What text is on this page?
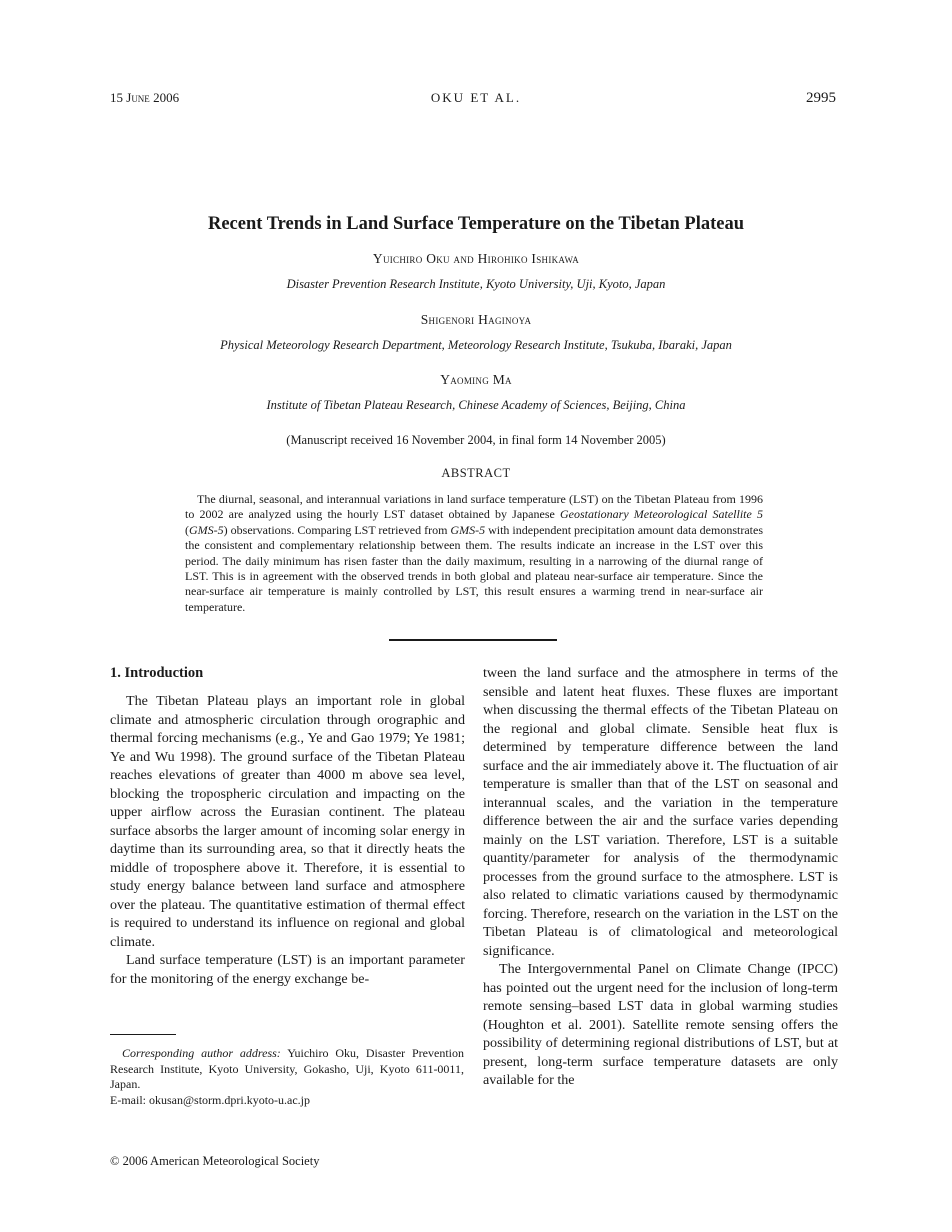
15 June 2006	OKU ET AL.	2995
Recent Trends in Land Surface Temperature on the Tibetan Plateau
Yuichiro Oku and Hirohiko Ishikawa
Disaster Prevention Research Institute, Kyoto University, Uji, Kyoto, Japan
Shigenori Haginoya
Physical Meteorology Research Department, Meteorology Research Institute, Tsukuba, Ibaraki, Japan
Yaoming Ma
Institute of Tibetan Plateau Research, Chinese Academy of Sciences, Beijing, China
(Manuscript received 16 November 2004, in final form 14 November 2005)
ABSTRACT

The diurnal, seasonal, and interannual variations in land surface temperature (LST) on the Tibetan Plateau from 1996 to 2002 are analyzed using the hourly LST dataset obtained by Japanese Geostationary Meteorological Satellite 5 (GMS-5) observations. Comparing LST retrieved from GMS-5 with independent precipitation amount data demonstrates the consistent and complementary relationship between them. The results indicate an increase in the LST over this period. The daily minimum has risen faster than the daily maximum, resulting in a narrowing of the diurnal range of LST. This is in agreement with the observed trends in both global and plateau near-surface air temperature. Since the near-surface air temperature is mainly controlled by LST, this result ensures a warming trend in near-surface air temperature.

1. Introduction

The Tibetan Plateau plays an important role in global climate and atmospheric circulation through orographic and thermal forcing mechanisms (e.g., Ye and Gao 1979; Ye 1981; Ye and Wu 1998). The ground surface of the Tibetan Plateau reaches elevations of greater than 4000 m above sea level, blocking the tropospheric circulation and impacting on the upper airflow across the Eurasian continent. The plateau surface absorbs the larger amount of incoming solar energy in daytime than its surrounding area, so that it directly heats the middle of troposphere above it. Therefore, it is essential to study energy balance between land surface and atmosphere over the plateau. The quantitative estimation of thermal effect is required to understand its influence on regional and global climate.

Land surface temperature (LST) is an important parameter for the monitoring of the energy exchange be-

tween the land surface and the atmosphere in terms of the sensible and latent heat fluxes. These fluxes are important when discussing the thermal effects of the Tibetan Plateau on the regional and global climate. Sensible heat flux is determined by temperature difference between the land surface and the air immediately above it. The fluctuation of air temperature is smaller than that of the LST on seasonal and interannual scales, and the variation in the temperature difference between the air and the surface varies depending mainly on the LST variation. Therefore, LST is a suitable quantity/parameter for analysis of the thermodynamic processes from the ground surface to the atmosphere. LST is also related to climatic variations caused by thermodynamic forcing. Therefore, research on the variation in the LST on the Tibetan Plateau is of climatological and meteorological significance.

The Intergovernmental Panel on Climate Change (IPCC) has pointed out the urgent need for the inclusion of long-term remote sensing–based LST data in global warming studies (Houghton et al. 2001). Satellite remote sensing offers the possibility of determining regional distributions of LST, but at present, long-term surface temperature datasets are only available for the

Corresponding author address: Yuichiro Oku, Disaster Prevention Research Institute, Kyoto University, Gokasho, Uji, Kyoto 611-0011, Japan.

E-mail: okusan@storm.dpri.kyoto-u.ac.jp

© 2006 American Meteorological Society
